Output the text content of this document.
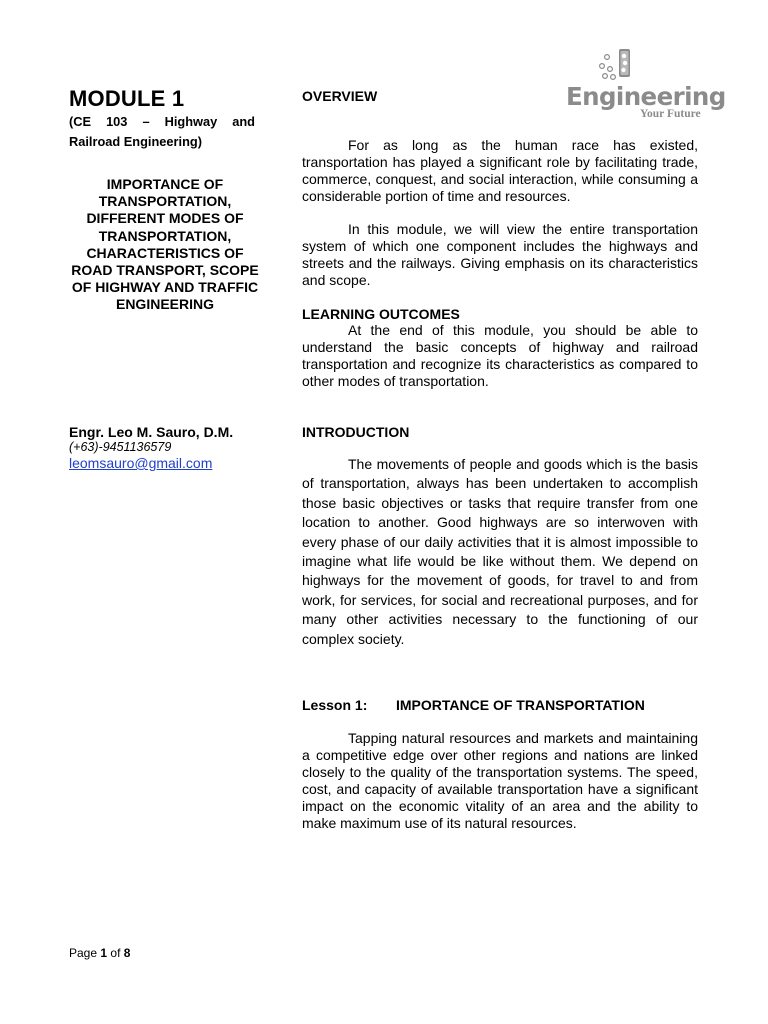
MODULE 1
(CE 103 – Highway and Railroad Engineering)
IMPORTANCE OF TRANSPORTATION, DIFFERENT MODES OF TRANSPORTATION, CHARACTERISTICS OF ROAD TRANSPORT, SCOPE OF HIGHWAY AND TRAFFIC ENGINEERING
Engr. Leo M. Sauro, D.M.
(+63)-9451136579
leomsauro@gmail.com
Engineering
Your Future
OVERVIEW
For as long as the human race has existed, transportation has played a significant role by facilitating trade, commerce, conquest, and social interaction, while consuming a considerable portion of time and resources.
In this module, we will view the entire transportation system of which one component includes the highways and streets and the railways. Giving emphasis on its characteristics and scope.
LEARNING OUTCOMES
At the end of this module, you should be able to understand the basic concepts of highway and railroad transportation and recognize its characteristics as compared to other modes of transportation.
INTRODUCTION
The movements of people and goods which is the basis of transportation, always has been undertaken to accomplish those basic objectives or tasks that require transfer from one location to another. Good highways are so interwoven with every phase of our daily activities that it is almost impossible to imagine what life would be like without them. We depend on highways for the movement of goods, for travel to and from work, for services, for social and recreational purposes, and for many other activities necessary to the functioning of our complex society.
Lesson 1: IMPORTANCE OF TRANSPORTATION
Tapping natural resources and markets and maintaining a competitive edge over other regions and nations are linked closely to the quality of the transportation systems. The speed, cost, and capacity of available transportation have a significant impact on the economic vitality of an area and the ability to make maximum use of its natural resources.
Page 1 of 8
